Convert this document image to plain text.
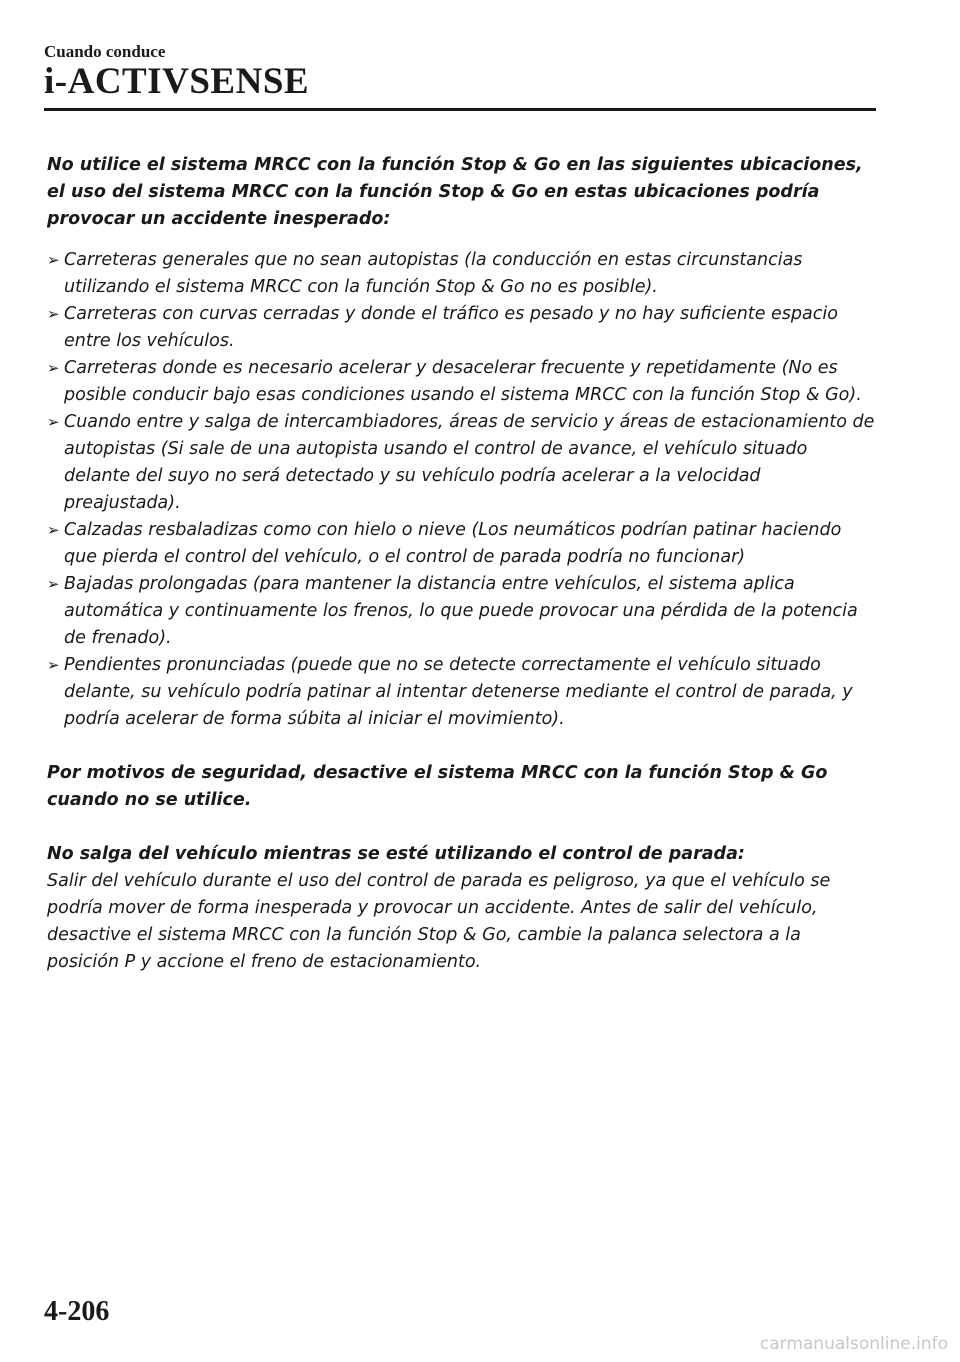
Cuando conduce
i-ACTIVSENSE

No utilice el sistema MRCC con la función Stop & Go en las siguientes ubicaciones, el uso del sistema MRCC con la función Stop & Go en estas ubicaciones podría provocar un accidente inesperado:

➢ Carreteras generales que no sean autopistas (la conducción en estas circunstancias utilizando el sistema MRCC con la función Stop & Go no es posible).
➢ Carreteras con curvas cerradas y donde el tráfico es pesado y no hay suficiente espacio entre los vehículos.
➢ Carreteras donde es necesario acelerar y desacelerar frecuente y repetidamente (No es posible conducir bajo esas condiciones usando el sistema MRCC con la función Stop & Go).
➢ Cuando entre y salga de intercambiadores, áreas de servicio y áreas de estacionamiento de autopistas (Si sale de una autopista usando el control de avance, el vehículo situado delante del suyo no será detectado y su vehículo podría acelerar a la velocidad preajustada).
➢ Calzadas resbaladizas como con hielo o nieve (Los neumáticos podrían patinar haciendo que pierda el control del vehículo, o el control de parada podría no funcionar)
➢ Bajadas prolongadas (para mantener la distancia entre vehículos, el sistema aplica automática y continuamente los frenos, lo que puede provocar una pérdida de la potencia de frenado).
➢ Pendientes pronunciadas (puede que no se detecte correctamente el vehículo situado delante, su vehículo podría patinar al intentar detenerse mediante el control de parada, y podría acelerar de forma súbita al iniciar el movimiento).

Por motivos de seguridad, desactive el sistema MRCC con la función Stop & Go cuando no se utilice.

No salga del vehículo mientras se esté utilizando el control de parada:

Salir del vehículo durante el uso del control de parada es peligroso, ya que el vehículo se podría mover de forma inesperada y provocar un accidente. Antes de salir del vehículo, desactive el sistema MRCC con la función Stop & Go, cambie la palanca selectora a la posición P y accione el freno de estacionamiento.

4-206
carmanualsonline.info
